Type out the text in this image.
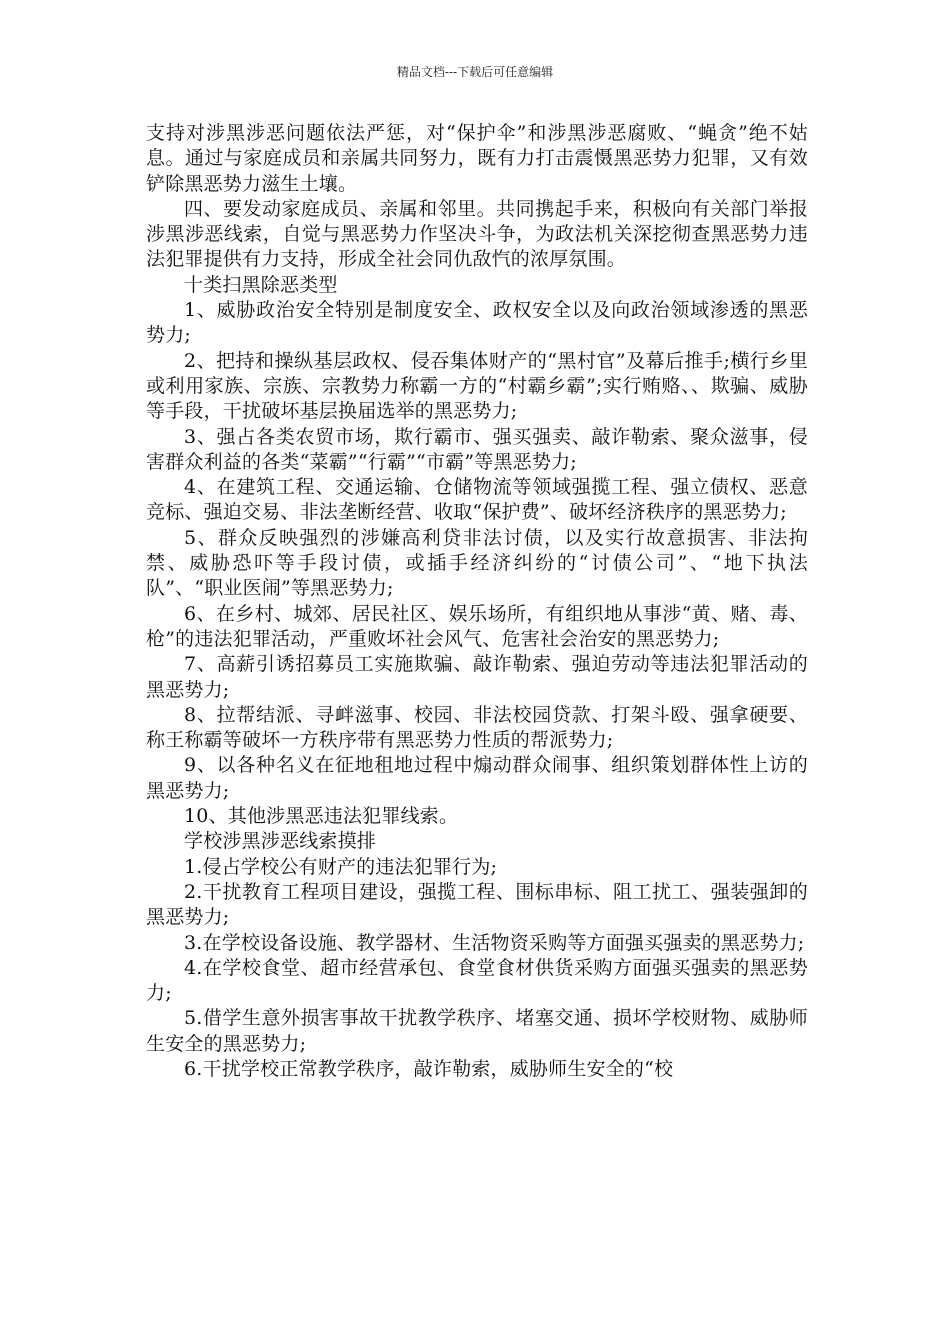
精品文档---下载后可任意编辑

支持对涉黑涉恶问题依法严惩，对“保护伞”和涉黑涉恶腐败、“蝇贪”绝不姑息。通过与家庭成员和亲属共同努力，既有力打击震慑黑恶势力犯罪，又有效铲除黑恶势力滋生土壤。

四、要发动家庭成员、亲属和邻里。共同携起手来，积极向有关部门举报涉黑涉恶线索，自觉与黑恶势力作坚决斗争，为政法机关深挖彻查黑恶势力违法犯罪提供有力支持，形成全社会同仇敌忾的浓厚氛围。

十类扫黑除恶类型

1、威胁政治安全特别是制度安全、政权安全以及向政治领域渗透的黑恶势力;

2、把持和操纵基层政权、侵吞集体财产的“黑村官”及幕后推手;横行乡里或利用家族、宗族、宗教势力称霸一方的“村霸乡霸”;实行贿赂、、欺骗、威胁等手段，干扰破坏基层换届选举的黑恶势力;

3、强占各类农贸市场，欺行霸市、强买强卖、敲诈勒索、聚众滋事，侵害群众利益的各类“菜霸”“行霸”“市霸”等黑恶势力;

4、在建筑工程、交通运输、仓储物流等领域强揽工程、强立债权、恶意竞标、强迫交易、非法垄断经营、收取“保护费”、破坏经济秩序的黑恶势力;

5、群众反映强烈的涉嫌高利贷非法讨债，以及实行故意损害、非法拘禁、威胁恐吓等手段讨债，或插手经济纠纷的“讨债公司”、“地下执法队”、“职业医闹”等黑恶势力;

6、在乡村、城郊、居民社区、娱乐场所，有组织地从事涉“黄、赌、毒、枪”的违法犯罪活动，严重败坏社会风气、危害社会治安的黑恶势力;

7、高薪引诱招募员工实施欺骗、敲诈勒索、强迫劳动等违法犯罪活动的黑恶势力;

8、拉帮结派、寻衅滋事、校园、非法校园贷款、打架斗殴、强拿硬要、称王称霸等破坏一方秩序带有黑恶势力性质的帮派势力;

9、以各种名义在征地租地过程中煽动群众闹事、组织策划群体性上访的黑恶势力;

10、其他涉黑恶违法犯罪线索。

学校涉黑涉恶线索摸排

1.侵占学校公有财产的违法犯罪行为;

2.干扰教育工程项目建设，强揽工程、围标串标、阻工扰工、强装强卸的黑恶势力;

3.在学校设备设施、教学器材、生活物资采购等方面强买强卖的黑恶势力;

4.在学校食堂、超市经营承包、食堂食材供货采购方面强买强卖的黑恶势力;

5.借学生意外损害事故干扰教学秩序、堵塞交通、损坏学校财物、威胁师生安全的黑恶势力;

6.干扰学校正常教学秩序，敲诈勒索，威胁师生安全的“校
